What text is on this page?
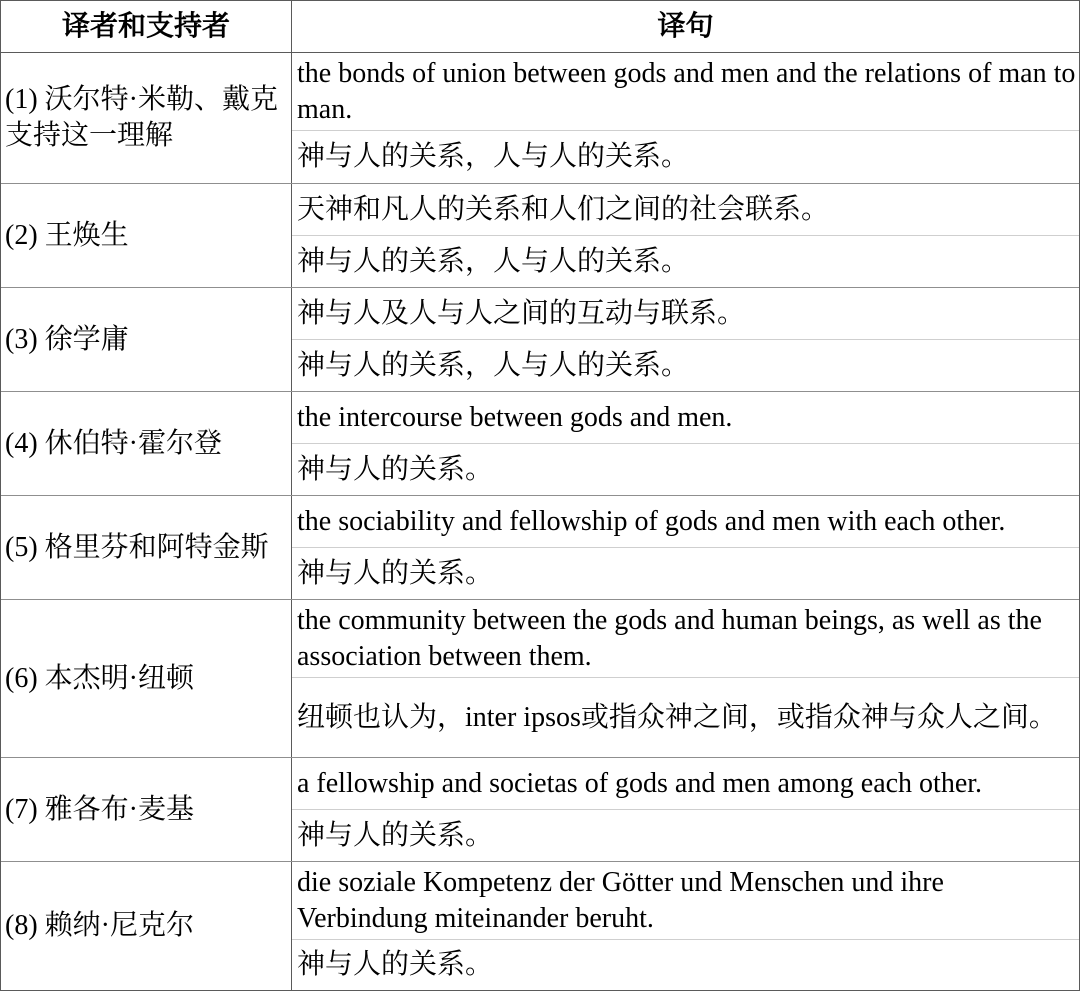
译者和支持者	译句
(1) 沃尔特·米勒、戴克
支持这一理解
the bonds of union between gods and men and the relations of man to
man.
神与人的关系，人与人的关系。
(2) 王焕生
天神和凡人的关系和人们之间的社会联系。
神与人的关系，人与人的关系。
(3) 徐学庸
神与人及人与人之间的互动与联系。
神与人的关系，人与人的关系。
(4) 休伯特·霍尔登
the intercourse between gods and men.
神与人的关系。
(5) 格里芬和阿特金斯
the sociability and fellowship of gods and men with each other.
神与人的关系。
(6) 本杰明·纽顿
the community between the gods and human beings, as well as the
association between them.
纽顿也认为，inter ipsos或指众神之间，或指众神与众人之间。
(7) 雅各布·麦基
a fellowship and societas of gods and men among each other.
神与人的关系。
(8) 赖纳·尼克尔
die soziale Kompetenz der Götter und Menschen und ihre
Verbindung miteinander beruht.
神与人的关系。
